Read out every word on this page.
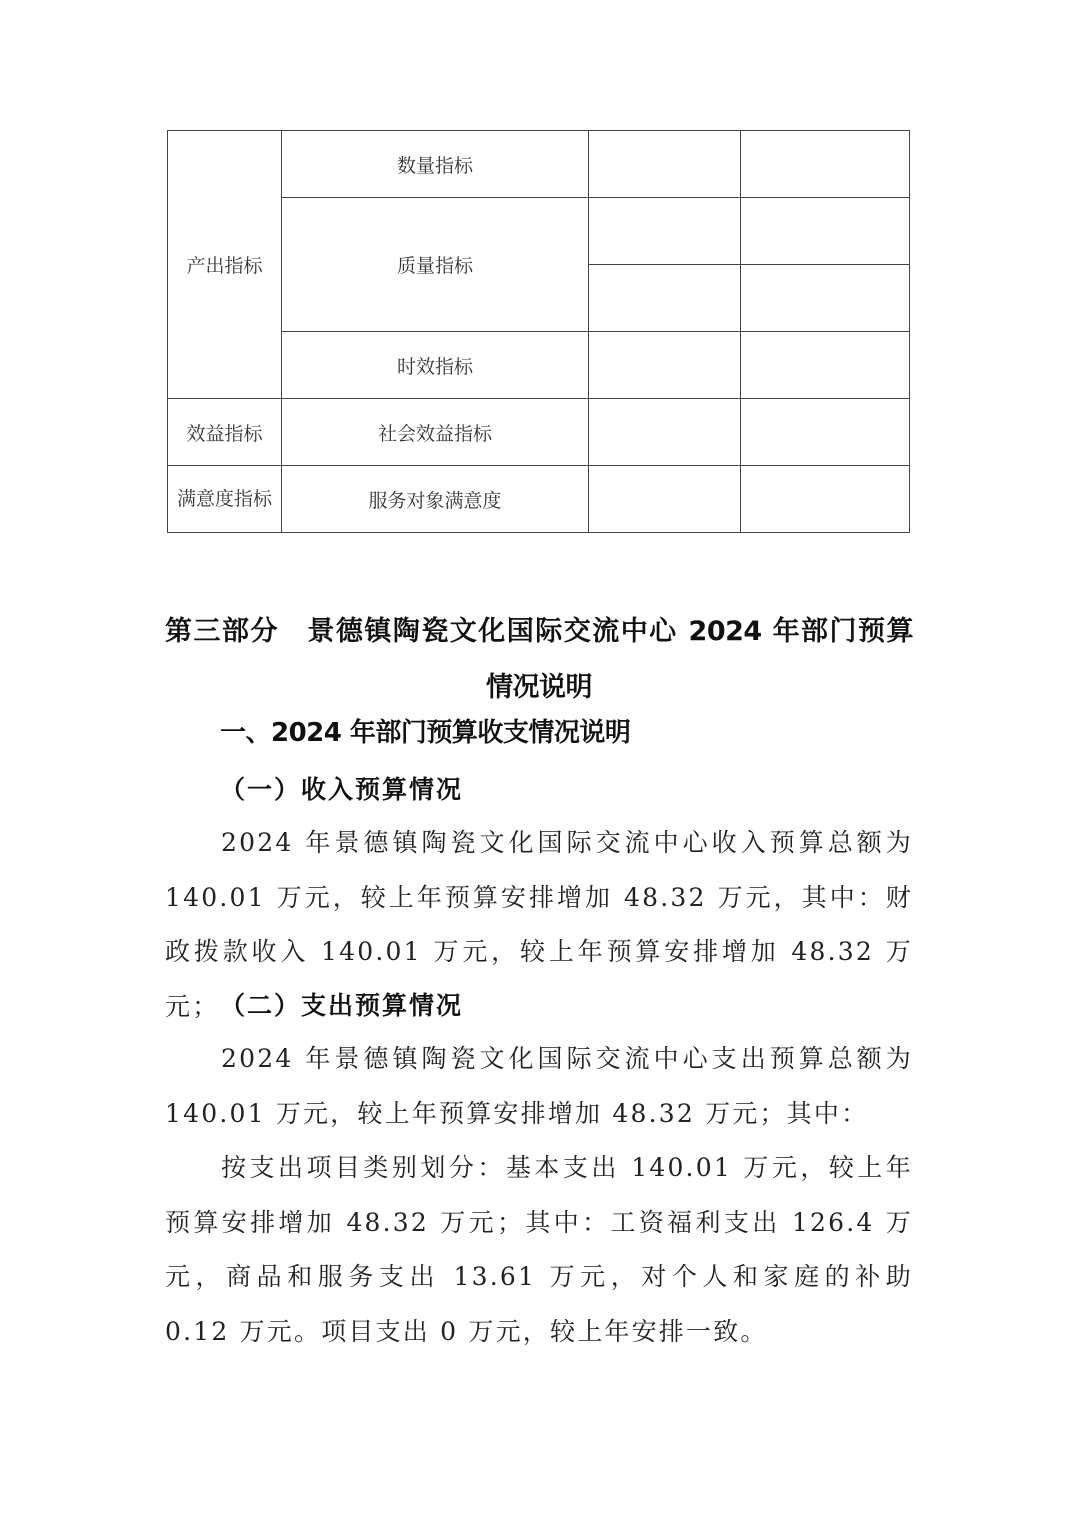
产出指标	数量指标		
	质量指标		

	时效指标		
效益指标	社会效益指标		
满意度指标	服务对象满意度		
第三部分　景德镇陶瓷文化国际交流中心 2024 年部门预算
情况说明
一、2024 年部门预算收支情况说明
（一）收入预算情况

2024 年景德镇陶瓷文化国际交流中心收入预算总额为 140.01 万元，较上年预算安排增加 48.32 万元，其中：财政拨款收入 140.01 万元，较上年预算安排增加 48.32 万元； （二）支出预算情况

2024 年景德镇陶瓷文化国际交流中心支出预算总额为 140.01 万元，较上年预算安排增加 48.32 万元；其中：

按支出项目类别划分：基本支出 140.01 万元，较上年预算安排增加 48.32 万元；其中：工资福利支出 126.4 万元，商品和服务支出 13.61 万元，对个人和家庭的补助 0.12 万元。项目支出 0 万元，较上年安排一致。
